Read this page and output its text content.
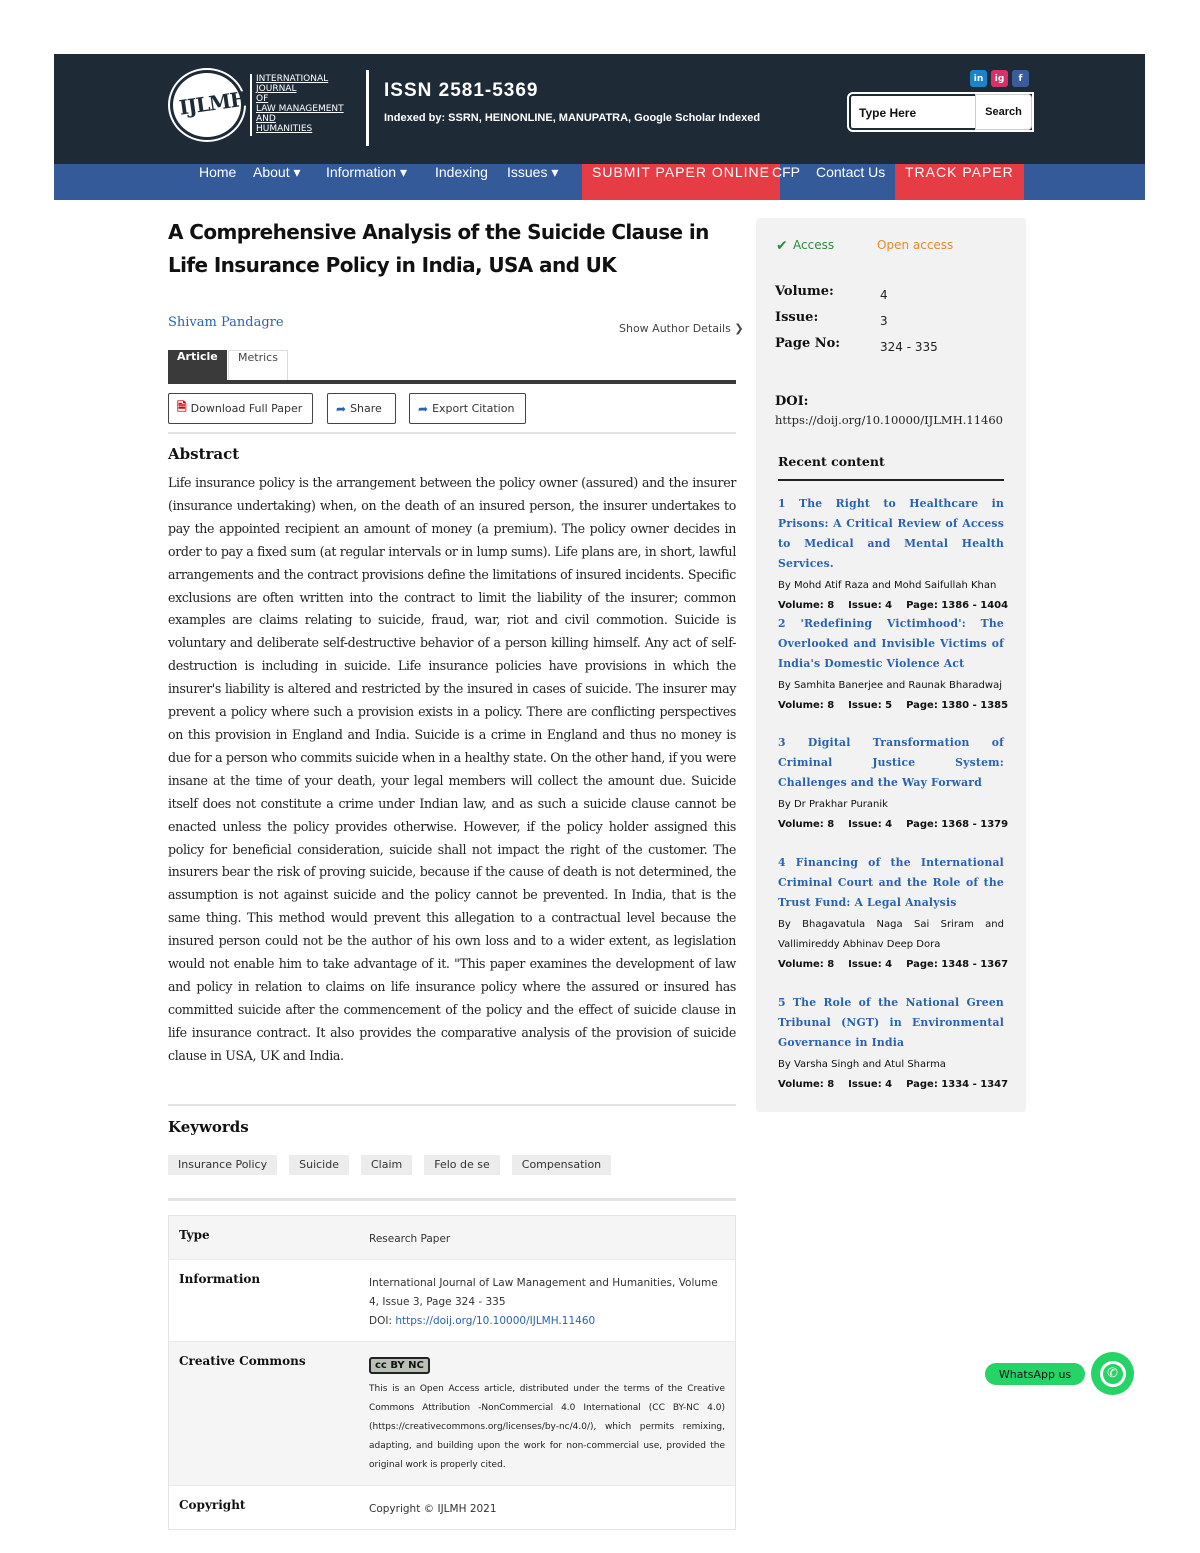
IJLMH
INTERNATIONAL
JOURNAL
OF
LAW MANAGEMENT
AND
HUMANITIES
ISSN 2581-5369
Indexed by: SSRN, HEINONLINE, MANUPATRA, Google Scholar Indexed
in	ig	f
Type Here	Search
Home About ▾ Information ▾ Indexing Issues ▾	SUBMIT PAPER ONLINE CFP Contact Us	TRACK PAPER
A Comprehensive Analysis of the Suicide Clause in Life Insurance Policy in India, USA and UK
Shivam Pandagre	Show Author Details ❯
Article	Metrics
🗎 Download Full Paper	➦ Share	➦ Export Citation
Abstract

Life insurance policy is the arrangement between the policy owner (assured) and the insurer (insurance undertaking) when, on the death of an insured person, the insurer undertakes to pay the appointed recipient an amount of money (a premium). The policy owner decides in order to pay a fixed sum (at regular intervals or in lump sums). Life plans are, in short, lawful arrangements and the contract provisions define the limitations of insured incidents. Specific exclusions are often written into the contract to limit the liability of the insurer; common examples are claims relating to suicide, fraud, war, riot and civil commotion. Suicide is voluntary and deliberate self-destructive behavior of a person killing himself. Any act of self-destruction is including in suicide. Life insurance policies have provisions in which the insurer's liability is altered and restricted by the insured in cases of suicide. The insurer may prevent a policy where such a provision exists in a policy. There are conflicting perspectives on this provision in England and India. Suicide is a crime in England and thus no money is due for a person who commits suicide when in a healthy state. On the other hand, if you were insane at the time of your death, your legal members will collect the amount due. Suicide itself does not constitute a crime under Indian law, and as such a suicide clause cannot be enacted unless the policy provides otherwise. However, if the policy holder assigned this policy for beneficial consideration, suicide shall not impact the right of the customer. The insurers bear the risk of proving suicide, because if the cause of death is not determined, the assumption is not against suicide and the policy cannot be prevented. In India, that is the same thing. This method would prevent this allegation to a contractual level because the insured person could not be the author of his own loss and to a wider extent, as legislation would not enable him to take advantage of it. "This paper examines the development of law and policy in relation to claims on life insurance policy where the assured or insured has committed suicide after the commencement of the policy and the effect of suicide clause in life insurance contract. It also provides the comparative analysis of the provision of suicide clause in USA, UK and India.

Keywords
Insurance Policy	Suicide	Claim	Felo de se	Compensation
Type	Research Paper
Information	International Journal of Law Management and Humanities, Volume 4, Issue 3, Page 324 - 335
DOI: https://doij.org/10.10000/IJLMH.11460
Creative Commons	cc BY NC
This is an Open Access article, distributed under the terms of the Creative Commons Attribution -NonCommercial 4.0 International (CC BY-NC 4.0) (https://creativecommons.org/licenses/by-nc/4.0/), which permits remixing, adapting, and building upon the work for non-commercial use, provided the original work is properly cited.
Copyright	Copyright © IJLMH 2021
✔ Access	Open access
Volume:	4
Issue:	3
Page No:	324 - 335
DOI:
https://doij.org/10.10000/IJLMH.11460
Recent content
1 The Right to Healthcare in Prisons: A Critical Review of Access to Medical and Mental Health Services.
By Mohd Atif Raza and Mohd Saifullah Khan
Volume: 8    Issue: 4    Page: 1386 - 1404
2 'Redefining Victimhood': The Overlooked and Invisible Victims of India's Domestic Violence Act
By Samhita Banerjee and Raunak Bharadwaj
Volume: 8    Issue: 5    Page: 1380 - 1385
3 Digital Transformation of Criminal Justice System: Challenges and the Way Forward
By Dr Prakhar Puranik
Volume: 8    Issue: 4    Page: 1368 - 1379
4 Financing of the International Criminal Court and the Role of the Trust Fund: A Legal Analysis
By Bhagavatula Naga Sai Sriram and Vallimireddy Abhinav Deep Dora
Volume: 8    Issue: 4    Page: 1348 - 1367
5 The Role of the National Green Tribunal (NGT) in Environmental Governance in India
By Varsha Singh and Atul Sharma
Volume: 8    Issue: 4    Page: 1334 - 1347
WhatsApp us	✆
